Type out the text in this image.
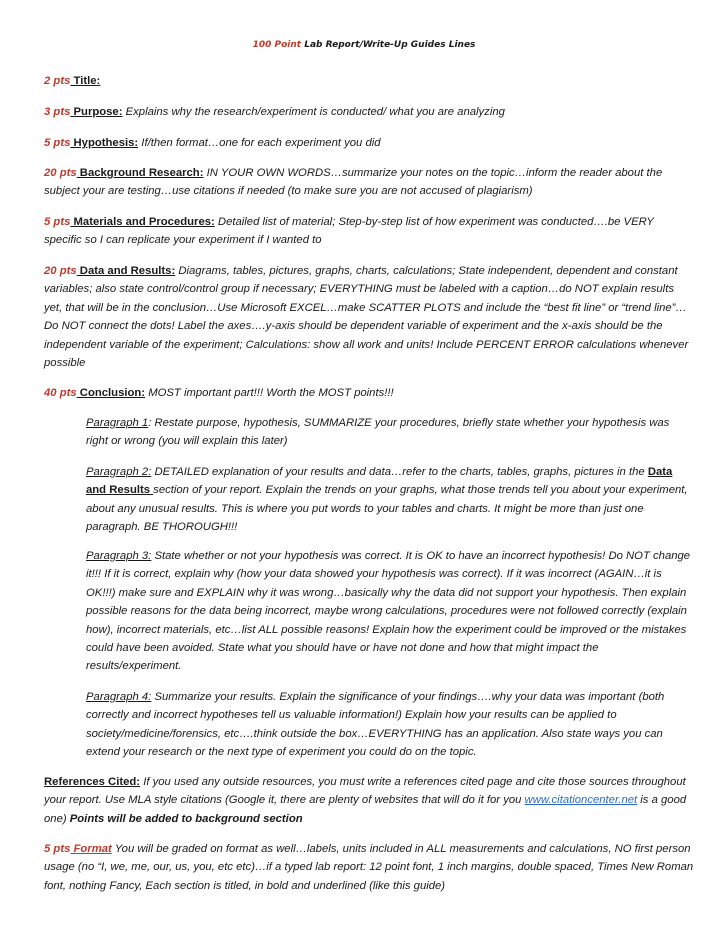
100 Point Lab Report/Write-Up Guides Lines
2 pts Title:
3 pts Purpose: Explains why the research/experiment is conducted/ what you are analyzing
5 pts Hypothesis: If/then format…one for each experiment you did
20 pts Background Research: IN YOUR OWN WORDS…summarize your notes on the topic…inform the reader about the subject your are testing…use citations if needed (to make sure you are not accused of plagiarism)
5 pts Materials and Procedures: Detailed list of material; Step-by-step list of how experiment was conducted….be VERY specific so I can replicate your experiment if I wanted to
20 pts Data and Results: Diagrams, tables, pictures, graphs, charts, calculations; State independent, dependent and constant variables; also state control/control group if necessary; EVERYTHING must be labeled with a caption…do NOT explain results yet, that will be in the conclusion…Use Microsoft EXCEL…make SCATTER PLOTS and include the “best fit line” or “trend line”…Do NOT connect the dots! Label the axes….y-axis should be dependent variable of experiment and the x-axis should be the independent variable of the experiment; Calculations: show all work and units! Include PERCENT ERROR calculations whenever possible
40 pts Conclusion: MOST important part!!! Worth the MOST points!!!
Paragraph 1: Restate purpose, hypothesis, SUMMARIZE your procedures, briefly state whether your hypothesis was right or wrong (you will explain this later)
Paragraph 2: DETAILED explanation of your results and data…refer to the charts, tables, graphs, pictures in the Data and Results section of your report. Explain the trends on your graphs, what those trends tell you about your experiment, about any unusual results. This is where you put words to your tables and charts. It might be more than just one paragraph. BE THOROUGH!!!
Paragraph 3: State whether or not your hypothesis was correct. It is OK to have an incorrect hypothesis! Do NOT change it!!! If it is correct, explain why (how your data showed your hypothesis was correct). If it was incorrect (AGAIN…it is OK!!!) make sure and EXPLAIN why it was wrong…basically why the data did not support your hypothesis. Then explain possible reasons for the data being incorrect, maybe wrong calculations, procedures were not followed correctly (explain how), incorrect materials, etc…list ALL possible reasons! Explain how the experiment could be improved or the mistakes could have been avoided. State what you should have or have not done and how that might impact the results/experiment.
Paragraph 4: Summarize your results. Explain the significance of your findings….why your data was important (both correctly and incorrect hypotheses tell us valuable information!) Explain how your results can be applied to society/medicine/forensics, etc….think outside the box…EVERYTHING has an application. Also state ways you can extend your research or the next type of experiment you could do on the topic.
References Cited: If you used any outside resources, you must write a references cited page and cite those sources throughout your report. Use MLA style citations (Google it, there are plenty of websites that will do it for you www.citationcenter.net is a good one) Points will be added to background section
5 pts Format You will be graded on format as well…labels, units included in ALL measurements and calculations, NO first person usage (no “I, we, me, our, us, you, etc etc)…if a typed lab report: 12 point font, 1 inch margins, double spaced, Times New Roman font, nothing Fancy, Each section is titled, in bold and underlined (like this guide)
